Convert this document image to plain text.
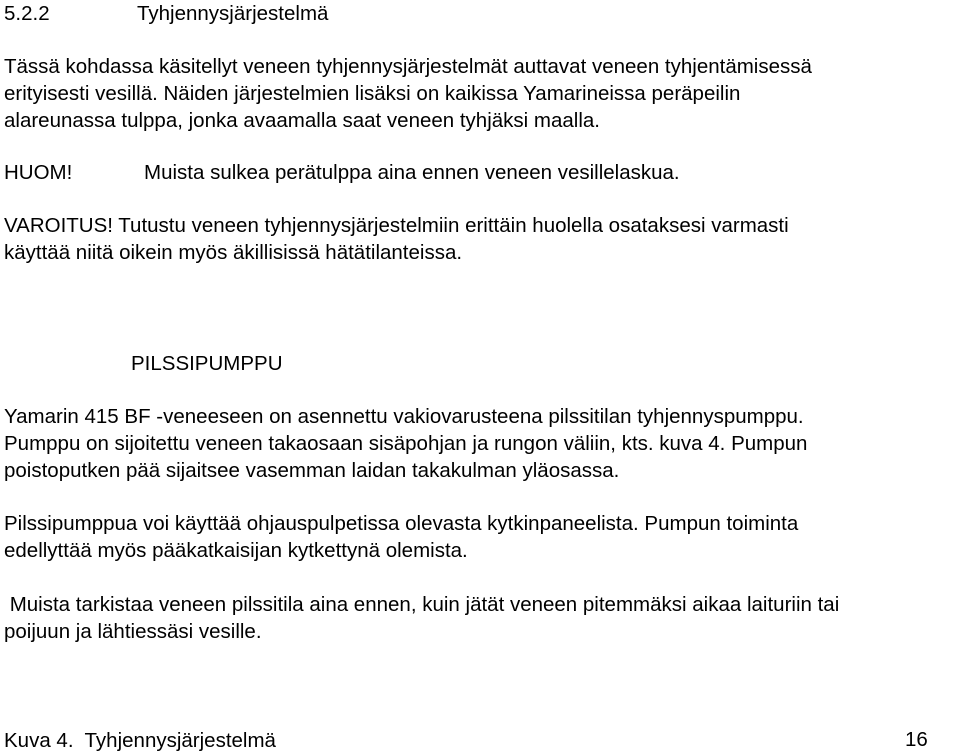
5.2.2	Tyhjennysjärjestelmä
Tässä kohdassa käsitellyt veneen tyhjennysjärjestelmät auttavat veneen tyhjentämisessä
erityisesti vesillä. Näiden järjestelmien lisäksi on kaikissa Yamarineissa peräpeilin
alareunassa tulppa, jonka avaamalla saat veneen tyhjäksi maalla.
HUOM!	Muista sulkea perätulppa aina ennen veneen vesillelaskua.
VAROITUS! Tutustu veneen tyhjennysjärjestelmiin erittäin huolella osataksesi varmasti
käyttää niitä oikein myös äkillisissä hätätilanteissa.
PILSSIPUMPPU
Yamarin 415 BF -veneeseen on asennettu vakiovarusteena pilssitilan tyhjennyspumppu.
Pumppu on sijoitettu veneen takaosaan sisäpohjan ja rungon väliin, kts. kuva 4. Pumpun
poistoputken pää sijaitsee vasemman laidan takakulman yläosassa.
Pilssipumppua voi käyttää ohjauspulpetissa olevasta kytkinpaneelista. Pumpun toiminta
edellyttää myös pääkatkaisijan kytkettynä olemista.
Muista tarkistaa veneen pilssitila aina ennen, kuin jätät veneen pitemmäksi aikaa laituriin tai
poijuun ja lähtiessäsi vesille.
16
Kuva 4.  Tyhjennysjärjestelmä
